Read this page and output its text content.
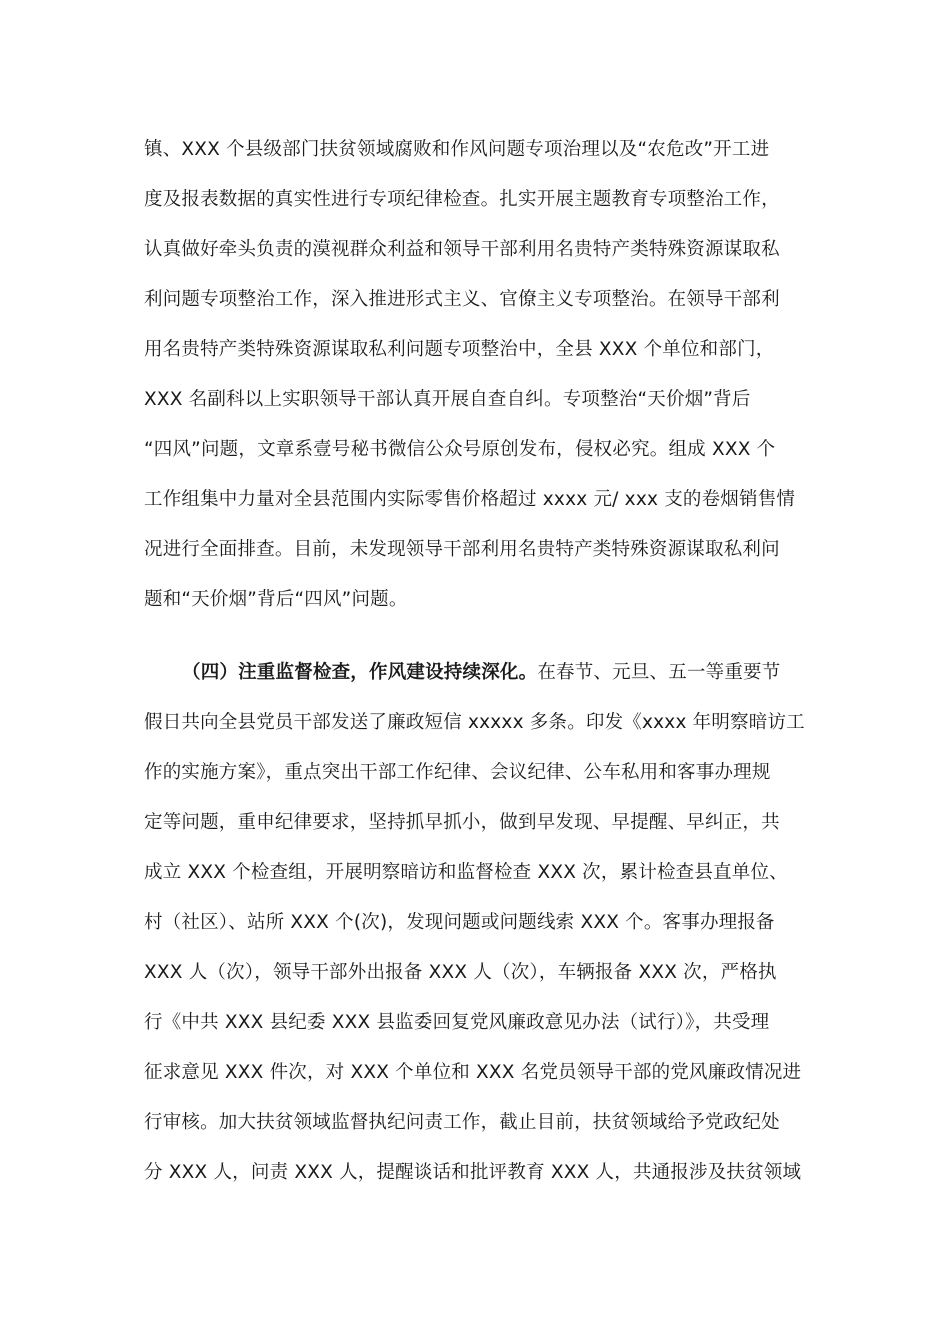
镇、XXX 个县级部门扶贫领域腐败和作风问题专项治理以及“农危改”开工进
度及报表数据的真实性进行专项纪律检查。扎实开展主题教育专项整治工作，
认真做好牵头负责的漠视群众利益和领导干部利用名贵特产类特殊资源谋取私
利问题专项整治工作，深入推进形式主义、官僚主义专项整治。在领导干部利
用名贵特产类特殊资源谋取私利问题专项整治中，全县 XXX 个单位和部门，
XXX 名副科以上实职领导干部认真开展自查自纠。专项整治“天价烟”背后
“四风”问题，文章系壹号秘书微信公众号原创发布，侵权必究。组成 XXX 个
工作组集中力量对全县范围内实际零售价格超过 xxxx 元/ xxx 支的卷烟销售情
况进行全面排查。目前，未发现领导干部利用名贵特产类特殊资源谋取私利问
题和“天价烟”背后“四风”问题。
（四）注重监督检查，作风建设持续深化。在春节、元旦、五一等重要节
假日共向全县党员干部发送了廉政短信 xxxxx 多条。印发《xxxx 年明察暗访工
作的实施方案》，重点突出干部工作纪律、会议纪律、公车私用和客事办理规
定等问题，重申纪律要求，坚持抓早抓小，做到早发现、早提醒、早纠正，共
成立 XXX 个检查组，开展明察暗访和监督检查 XXX 次，累计检查县直单位、
村（社区）、站所 XXX 个(次)，发现问题或问题线索 XXX 个。客事办理报备
XXX 人（次），领导干部外出报备 XXX 人（次），车辆报备 XXX 次，严格执
行《中共 XXX 县纪委 XXX 县监委回复党风廉政意见办法（试行）》，共受理
征求意见 XXX 件次，对 XXX 个单位和 XXX 名党员领导干部的党风廉政情况进
行审核。加大扶贫领域监督执纪问责工作，截止目前，扶贫领域给予党政纪处
分 XXX 人，问责 XXX 人，提醒谈话和批评教育 XXX 人，共通报涉及扶贫领域
